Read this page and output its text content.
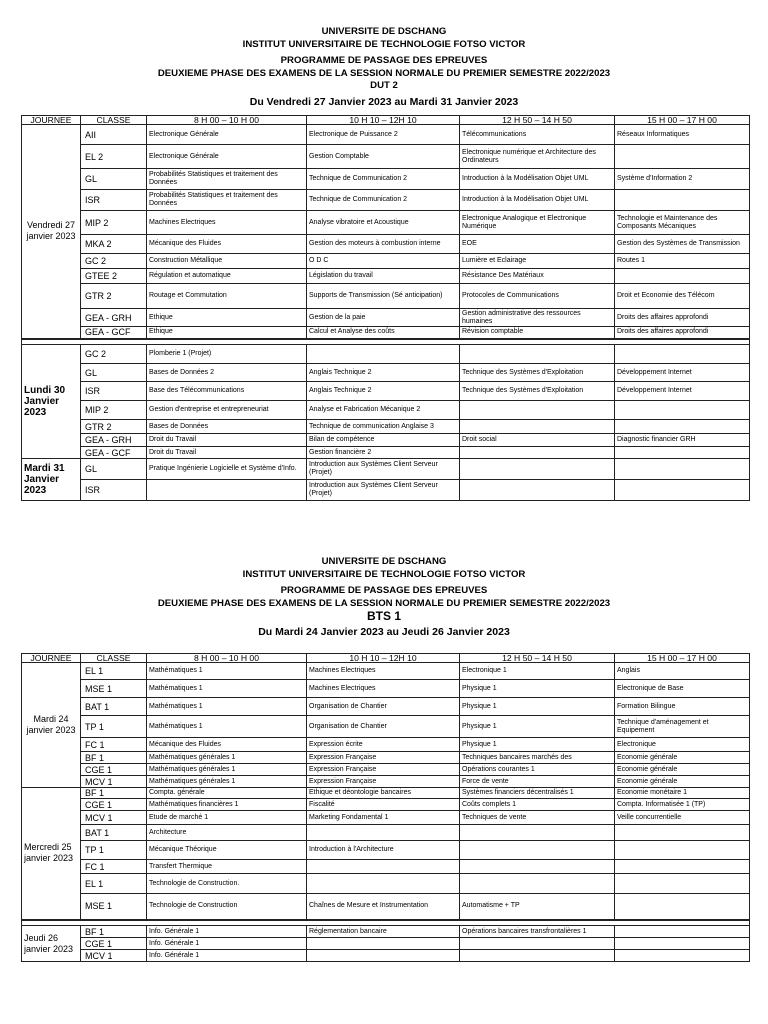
UNIVERSITE DE DSCHANG
INSTITUT UNIVERSITAIRE DE TECHNOLOGIE FOTSO VICTOR
PROGRAMME DE PASSAGE DES EPREUVES
DEUXIEME PHASE DES EXAMENS DE LA SESSION NORMALE DU PREMIER SEMESTRE 2022/2023
DUT 2
Du Vendredi 27 Janvier 2023 au Mardi 31 Janvier 2023
JOURNEE	CLASSE	8 H 00 – 10 H 00	10 H 10 – 12H 10	12 H 50 – 14 H 50	15 H 00 – 17 H 00
Vendredi 27 janvier 2023	AII	Electronique Générale	Electronique de Puissance 2	Télécommunications	Réseaux Informatiques
	EL 2	Electronique Générale	Gestion Comptable	Electronique numérique et Architecture des Ordinateurs	
	GL	Probabilités Statistiques et traitement des Données	Technique de Communication 2	Introduction à la Modélisation Objet UML	Système d'Information 2
	ISR	Probabilités Statistiques et traitement des Données	Technique de Communication 2	Introduction à la Modélisation Objet UML	
	MIP 2	Machines Electriques	Analyse vibratoire et Acoustique	Electronique Analogique et Electronique Numérique	Technologie et Maintenance des Composants Mécaniques
	MKA 2	Mécanique des Fluides	Gestion des moteurs à combustion interne	EOE	Gestion des Systèmes de Transmission
	GC 2	Construction Métallique	O D C	Lumière et Eclairage	Routes 1
	GTEE 2	Régulation et automatique	Législation du travail	Résistance Des Matériaux	
	GTR 2	Routage et Commutation	Supports de Transmission (Sé anticipation)	Protocoles de Communications	Droit et Economie des Télécom
	GEA - GRH	Ethique	Gestion de la paie	Gestion administrative des ressources humaines	Droits des affaires approfondi
	GEA - GCF	Ethique	Calcul et Analyse des coûts	Révision comptable	Droits des affaires approfondi

Lundi 30 Janvier 2023	GC 2	Plomberie 1 (Projet)			
	GL	Bases de Données 2	Anglais Technique 2	Technique des Systèmes d'Exploitation	Développement Internet
	ISR	Base des Télécommunications	Anglais Technique 2	Technique des Systèmes d'Exploitation	Développement Internet
	MIP 2	Gestion d'entreprise et entrepreneuriat	Analyse et Fabrication Mécanique 2		
	GTR 2	Bases de Données	Technique de communication Anglaise 3		
	GEA - GRH	Droit du Travail	Bilan de compétence	Droit social	Diagnostic financier GRH
	GEA - GCF	Droit du Travail	Gestion financière 2		
Mardi 31 Janvier 2023	GL	Pratique Ingénierie Logicielle et Système d'Info.	Introduction aux Systèmes Client Serveur (Projet)		
	ISR		Introduction aux Systèmes Client Serveur (Projet)		
UNIVERSITE DE DSCHANG
INSTITUT UNIVERSITAIRE DE TECHNOLOGIE FOTSO VICTOR
PROGRAMME DE PASSAGE DES EPREUVES
DEUXIEME PHASE DES EXAMENS DE LA SESSION NORMALE DU PREMIER SEMESTRE 2022/2023
BTS 1
Du Mardi 24 Janvier 2023 au Jeudi 26 Janvier 2023
JOURNEE	CLASSE	8 H 00 – 10 H 00	10 H 10 – 12H 10	12 H 50 – 14 H 50	15 H 00 – 17 H 00
Mardi 24 janvier 2023	EL 1	Mathématiques 1	Machines Electriques	Electronique 1	Anglais
	MSE 1	Mathématiques 1	Machines Electriques	Physique 1	Electronique de Base
	BAT 1	Mathématiques 1	Organisation de Chantier	Physique 1	Formation Bilingue
	TP 1	Mathématiques 1	Organisation de Chantier	Physique 1	Technique d'aménagement et Equipement
	FC 1	Mécanique des Fluides	Expression écrite	Physique 1	Electronique
	BF 1	Mathématiques générales 1	Expression Française	Techniques bancaires marchés des	Economie générale
	CGE 1	Mathématiques générales 1	Expression Française	Opérations courantes 1	Economie générale
	MCV 1	Mathématiques générales 1	Expression Française	Force de vente	Economie générale
Mercredi 25 janvier 2023	BF 1	Compta. générale	Ethique et déontologie bancaires	Systèmes financiers décentralisés 1	Economie monétaire 1
	CGE 1	Mathématiques financières 1	Fiscalité	Coûts complets 1	Compta. Informatisée 1 (TP)
	MCV 1	Etude de marché 1	Marketing Fondamental 1	Techniques de vente	Veille concurrentielle
	BAT 1	Architecture			
	TP 1	Mécanique Théorique	Introduction à l'Architecture		
	FC 1	Transfert Thermique			
	EL 1	Technologie de Construction.			
	MSE 1	Technologie de Construction	Chaînes de Mesure et Instrumentation	Automatisme + TP	

Jeudi 26 janvier 2023	BF 1	Info. Générale 1	Réglementation bancaire	Opérations bancaires transfrontalières 1	
	CGE 1	Info. Générale 1			
	MCV 1	Info. Générale 1			
